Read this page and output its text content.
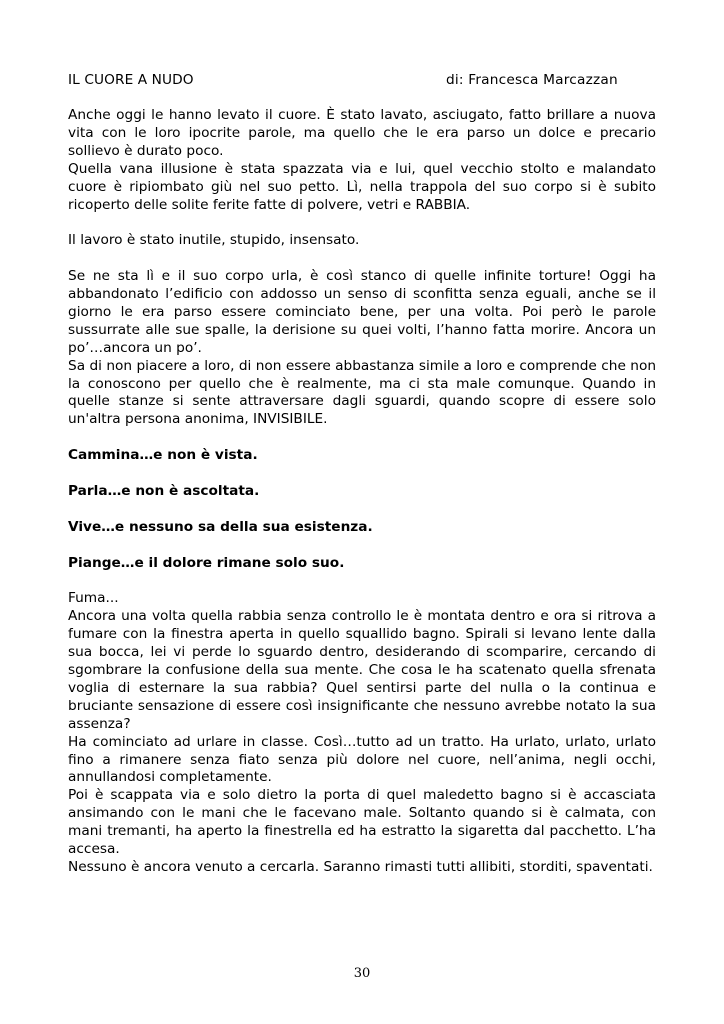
IL CUORE A NUDO	di: Francesca Marcazzan

Anche oggi le hanno levato il cuore. È stato lavato, asciugato, fatto brillare a nuova vita con le loro ipocrite parole, ma quello che le era parso un dolce e precario sollievo è durato poco.

Quella vana illusione è stata spazzata via e lui, quel vecchio stolto e malandato cuore è ripiombato giù nel suo petto. Lì, nella trappola del suo corpo si è subito ricoperto delle solite ferite fatte di polvere, vetri e RABBIA.

Il lavoro è stato inutile, stupido, insensato.

Se ne sta lì e il suo corpo urla, è così stanco di quelle infinite torture! Oggi ha abbandonato l’edificio con addosso un senso di sconfitta senza eguali, anche se il giorno le era parso essere cominciato bene, per una volta. Poi però le parole sussurrate alle sue spalle, la derisione su quei volti, l’hanno fatta morire. Ancora un po’…ancora un po’.

Sa di non piacere a loro, di non essere abbastanza simile a loro e comprende che non la conoscono per quello che è realmente, ma ci sta male comunque. Quando in quelle stanze si sente attraversare dagli sguardi, quando scopre di essere solo un'altra persona anonima, INVISIBILE.

Cammina…e non è vista.

Parla…e non è ascoltata.

Vive…e nessuno sa della sua esistenza.

Piange…e il dolore rimane solo suo.

Fuma...

Ancora una volta quella rabbia senza controllo le è montata dentro e ora si ritrova a fumare con la finestra aperta in quello squallido bagno. Spirali si levano lente dalla sua bocca, lei vi perde lo sguardo dentro, desiderando di scomparire, cercando di sgombrare la confusione della sua mente. Che cosa le ha scatenato quella sfrenata voglia di esternare la sua rabbia? Quel sentirsi parte del nulla o la continua e bruciante sensazione di essere così insignificante che nessuno avrebbe notato la sua assenza?

Ha cominciato ad urlare in classe. Così…tutto ad un tratto. Ha urlato, urlato, urlato fino a rimanere senza fiato senza più dolore nel cuore, nell’anima, negli occhi, annullandosi completamente.

Poi è scappata via e solo dietro la porta di quel maledetto bagno si è accasciata ansimando con le mani che le facevano male. Soltanto quando si è calmata, con mani tremanti, ha aperto la finestrella ed ha estratto la sigaretta dal pacchetto. L’ha accesa.

Nessuno è ancora venuto a cercarla. Saranno rimasti tutti allibiti, storditi, spaventati.

30
